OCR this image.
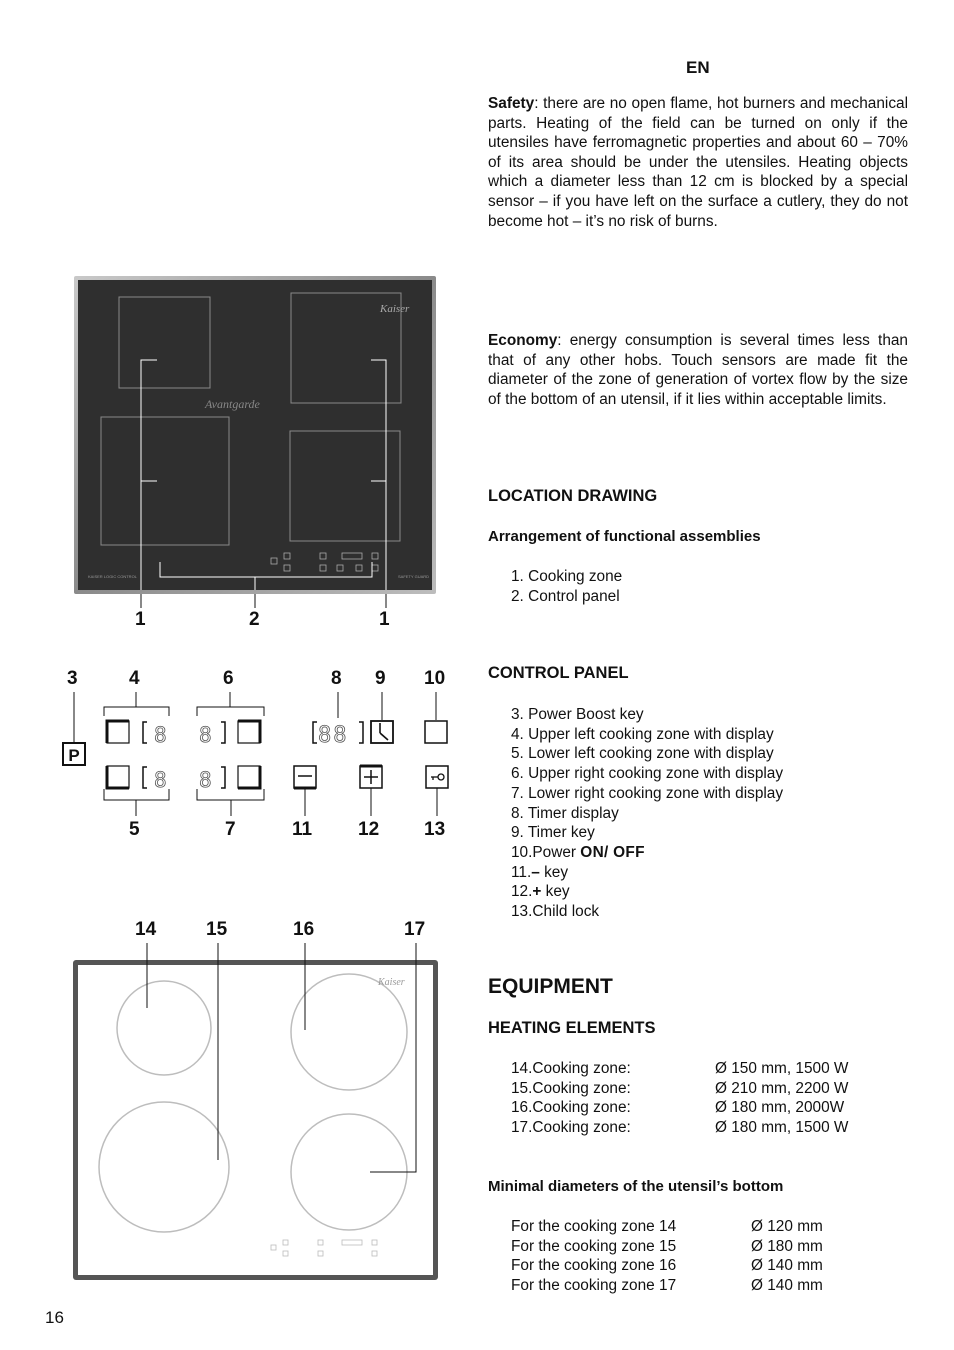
EN
Safety: there are no open flame, hot burners and mechanical parts. Heating of the field can be turned on only if the utensiles have ferromagnetic properties and about 60 – 70% of its area should be under the utensiles. Heating objects which a diameter less than 12 cm is blocked by a special sensor – if you have left on the surface a cutlery, they do not become hot – it’s no risk of burns.
Economy: energy consumption is several times less than that of any other hobs. Touch sensors are made fit the diameter of the zone of generation of vortex flow by the size of the bottom of an utensil, if it lies within acceptable limits.
LOCATION DRAWING
Arrangement of functional assemblies
1. Cooking zone
2. Control panel
CONTROL PANEL
3. Power Boost key
4. Upper left cooking zone with display
5. Lower left cooking zone with display
6. Upper right cooking zone with display
7. Lower right cooking zone with display
8. Timer display
9. Timer key
10.Power ON/ OFF
11.– key
12.+ key
13.Child lock
EQUIPMENT
HEATING ELEMENTS
14.Cooking zone:	Ø 150 mm, 1500 W
15.Cooking zone:	Ø 210 mm, 2200 W
16.Cooking zone:	Ø 180 mm, 2000W
17.Cooking zone:	Ø 180 mm, 1500 W
Minimal diameters of the utensil’s bottom
For the cooking zone 14	Ø 120 mm
For the cooking zone 15	Ø 180 mm
For the cooking zone 16	Ø 140 mm
For the cooking zone 17	Ø 140 mm
16
Kaiser
Avantgarde
KAISER LOGIC CONTROL	SAFETY GUARD
1	2	1
3	4	6	8 9 10
5	7	11 12 13
P
8
8
8
8
88
14	15	16	17
Kaiser
